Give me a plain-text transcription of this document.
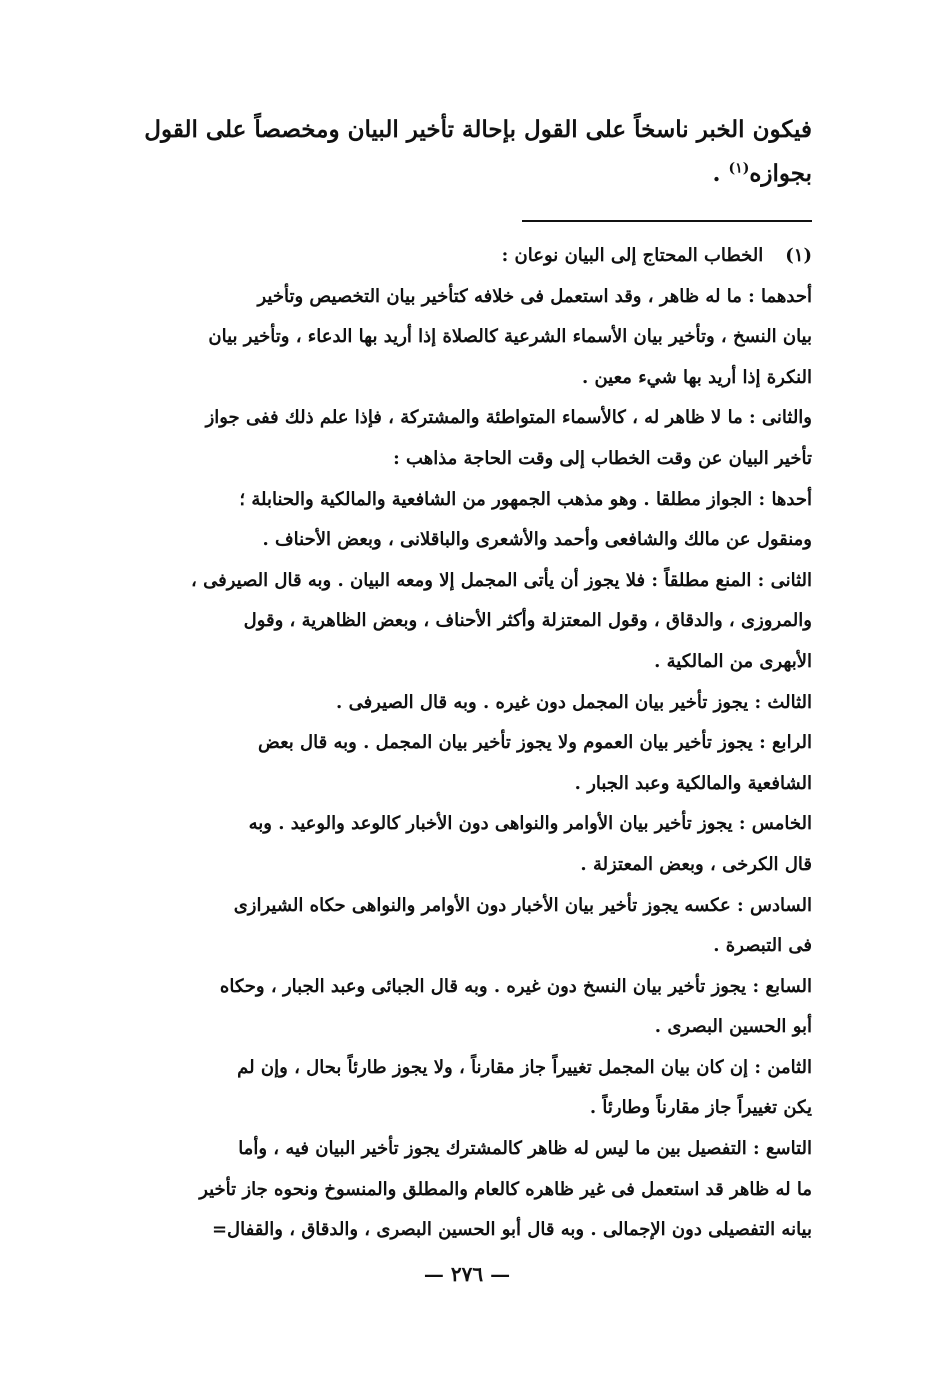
فيكون الخبر ناسخاً على القول بإحالة تأخير البيان ومخصصاً على القول
بجوازه$^{(١)}$ .

(١)
الخطاب المحتاج إلى البيان نوعان :

أحدهما : ما له ظاهر ، وقد استعمل فى خلافه كتأخير بيان التخصيص وتأخير

بيان النسخ ، وتأخير بيان الأسماء الشرعية كالصلاة إذا أريد بها الدعاء ، وتأخير بيان

النكرة إذا أريد بها شيء معين .

والثانى : ما لا ظاهر له ، كالأسماء المتواطئة والمشتركة ، فإذا علم ذلك ففى جواز

تأخير البيان عن وقت الخطاب إلى وقت الحاجة مذاهب :

أحدها : الجواز مطلقا . وهو مذهب الجمهور من الشافعية والمالكية والحنابلة ؛

ومنقول عن مالك والشافعى وأحمد والأشعرى والباقلانى ، وبعض الأحناف .

الثانى : المنع مطلقاً : فلا يجوز أن يأتى المجمل إلا ومعه البيان . وبه قال الصيرفى ،

والمروزى ، والدقاق ، وقول المعتزلة وأكثر الأحناف ، وبعض الظاهرية ، وقول

الأبهرى من المالكية .

الثالث : يجوز تأخير بيان المجمل دون غيره . وبه قال الصيرفى .

الرابع : يجوز تأخير بيان العموم ولا يجوز تأخير بيان المجمل . وبه قال بعض

الشافعية والمالكية وعبد الجبار .

الخامس : يجوز تأخير بيان الأوامر والنواهى دون الأخبار كالوعد والوعيد . وبه

قال الكرخى ، وبعض المعتزلة .

السادس : عكسه يجوز تأخير بيان الأخبار دون الأوامر والنواهى حكاه الشيرازى

فى التبصرة .

السابع : يجوز تأخير بيان النسخ دون غيره . وبه قال الجبائى وعبد الجبار ، وحكاه

أبو الحسين البصرى .

الثامن : إن كان بيان المجمل تغييراً جاز مقارناً ، ولا يجوز طارئاً بحال ، وإن لم

يكن تغييراً جاز مقارناً وطارئاً .

التاسع : التفصيل بين ما ليس له ظاهر كالمشترك يجوز تأخير البيان فيه ، وأما

ما له ظاهر قد استعمل فى غير ظاهره كالعام والمطلق والمنسوخ ونحوه جاز تأخير

بيانه التفصيلى دون الإجمالى . وبه قال أبو الحسين البصرى ، والدقاق ، والقفال=

— ٢٧٦ —
